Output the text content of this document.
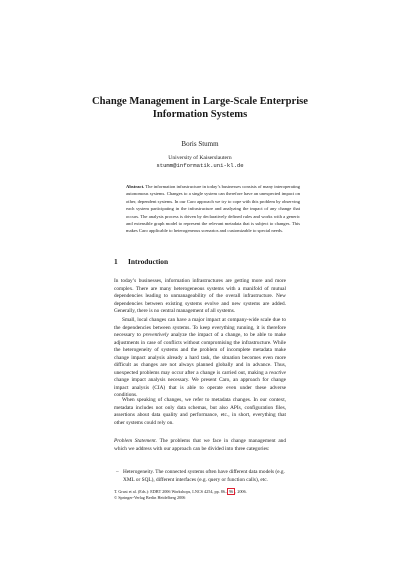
Change Management in Large-Scale Enterprise
Information Systems

Boris Stumm

University of Kaiserslautern

stumm@informatik.uni-kl.de

Abstract. The information infrastructure in today’s businesses consists of many interoperating autonomous systems. Changes to a single system can therefore have an unexpected impact on other, dependent systems. In our Caro approach we try to cope with this problem by observing each system participating in the infrastructure and analyzing the impact of any change that occurs. The analysis process is driven by declaratively defined rules and works with a generic and extensible graph model to represent the relevant metadata that is subject to changes. This makes Caro applicable to heterogeneous scenarios and customizable to special needs.

1 Introduction

In today’s businesses, information infrastructures are getting more and more complex. There are many heterogeneous systems with a manifold of mutual dependencies leading to unmanageability of the overall infrastructure. New dependencies between existing systems evolve and new systems are added. Generally, there is no central management of all systems.

Small, local changes can have a major impact at company-wide scale due to the dependencies between systems. To keep everything running, it is therefore necessary to preventively analyze the impact of a change, to be able to make adjustments in case of conflicts without compromising the infrastructure. While the heterogeneity of systems and the problem of incomplete metadata make change impact analysis already a hard task, the situation becomes even more difficult as changes are not always planned globally and in advance. Thus, unexpected problems may occur after a change is carried out, making a reactive change impact analysis necessary. We present Caro, an approach for change impact analysis (CIA) that is able to operate even under these adverse conditions.

When speaking of changes, we refer to metadata changes. In our context, metadata includes not only data schemas, but also APIs, configuration files, assertions about data quality and performance, etc., in short, everything that other systems could rely on.

Problem Statement. The problems that we face in change management and which we address with our approach can be divided into three categories:

– Heterogeneity. The connected systems often have different data models (e.g. XML or SQL), different interfaces (e.g. query or function calls), etc.

T. Grust et al. (Eds.): EDBT 2006 Workshops, LNCS 4254, pp. 86– 96 , 2006.
© Springer-Verlag Berlin Heidelberg 2006
